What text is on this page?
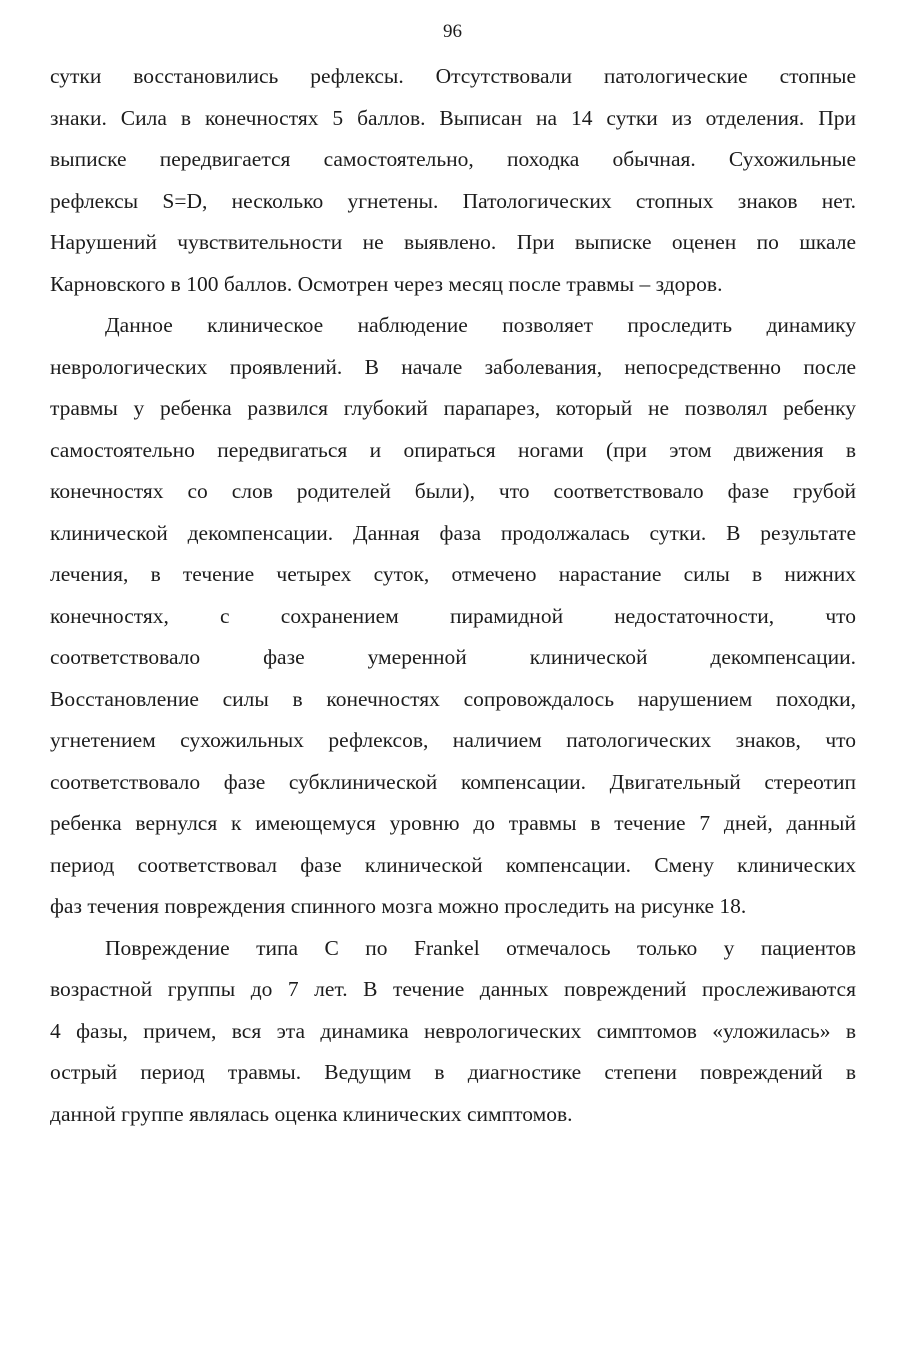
96
сутки восстановились рефлексы. Отсутствовали патологические стопные
знаки. Сила в конечностях 5 баллов. Выписан на 14 сутки из отделения. При
выписке передвигается самостоятельно, походка обычная. Сухожильные
рефлексы S=D, несколько угнетены. Патологических стопных знаков нет.
Нарушений чувствительности не выявлено. При выписке оценен по шкале
Карновского в 100 баллов. Осмотрен через месяц после травмы – здоров.
Данное клиническое наблюдение позволяет проследить динамику
неврологических проявлений. В начале заболевания, непосредственно после
травмы у ребенка развился глубокий парапарез, который не позволял ребенку
самостоятельно передвигаться и опираться ногами (при этом движения в
конечностях со слов родителей были), что соответствовало фазе грубой
клинической декомпенсации. Данная фаза продолжалась сутки. В результате
лечения, в течение четырех суток, отмечено нарастание силы в нижних
конечностях, с сохранением пирамидной недостаточности, что
соответствовало фазе умеренной клинической декомпенсации.
Восстановление силы в конечностях сопровождалось нарушением походки,
угнетением сухожильных рефлексов, наличием патологических знаков, что
соответствовало фазе субклинической компенсации. Двигательный стереотип
ребенка вернулся к имеющемуся уровню до травмы в течение 7 дней, данный
период соответствовал фазе клинической компенсации. Смену клинических
фаз течения повреждения спинного мозга можно проследить на рисунке 18.
Повреждение типа С по Frankel отмечалось только у пациентов
возрастной группы до 7 лет. В течение данных повреждений прослеживаются
4 фазы, причем, вся эта динамика неврологических симптомов «уложилась» в
острый период травмы. Ведущим в диагностике степени повреждений в
данной группе являлась оценка клинических симптомов.
